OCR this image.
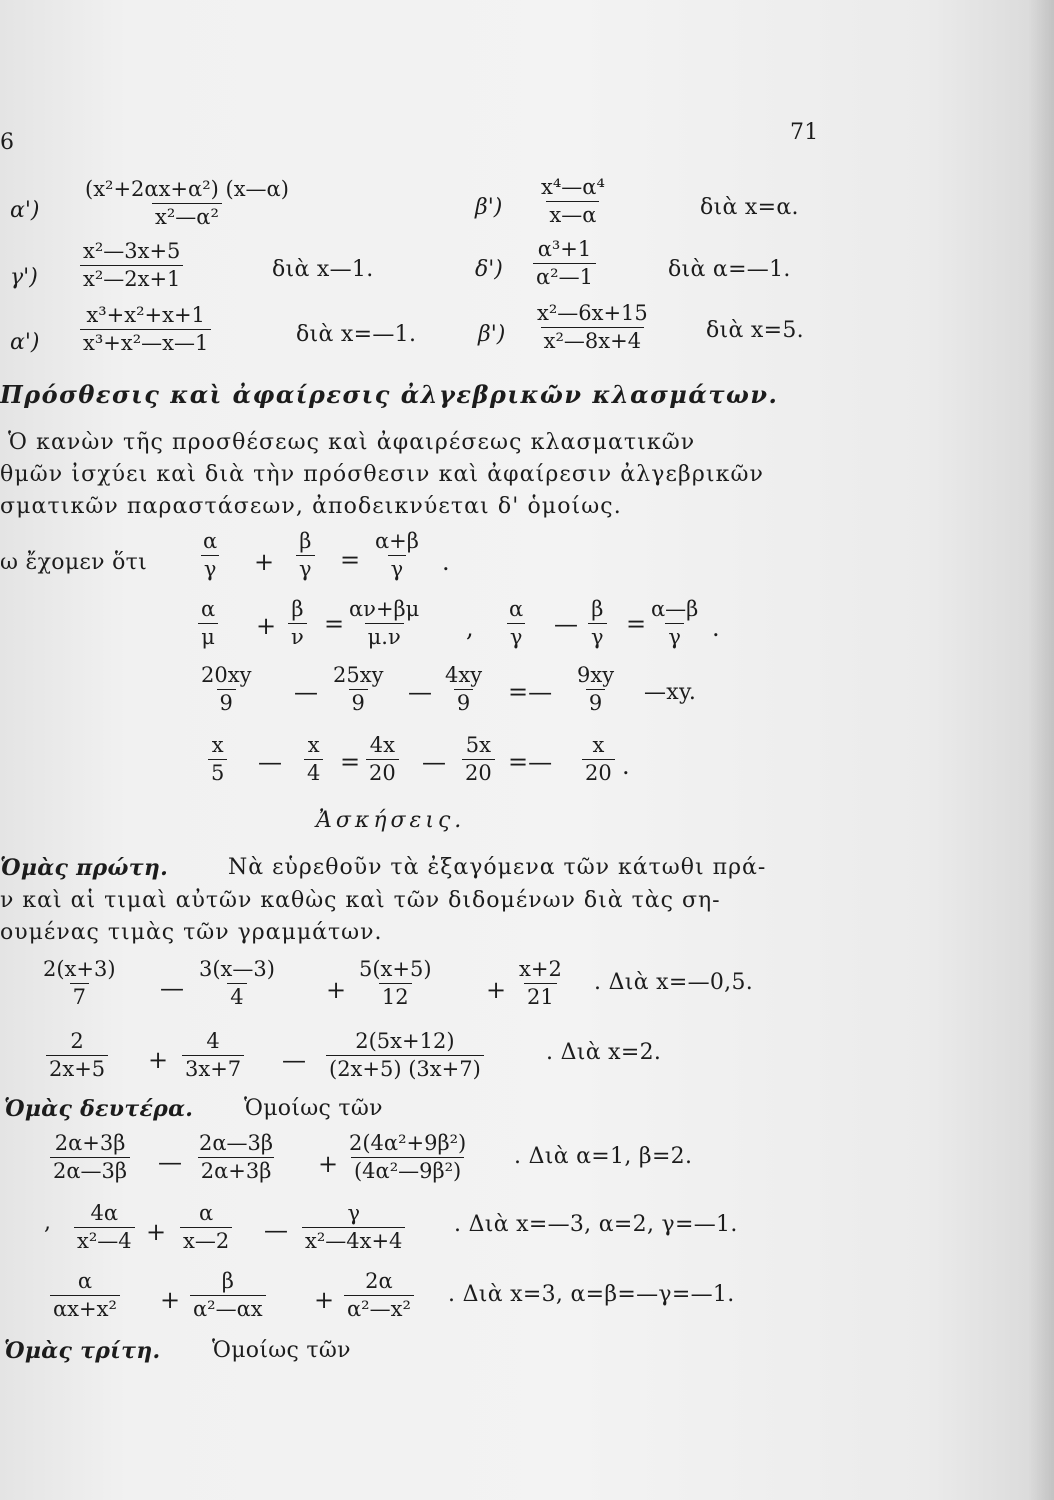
6	71
$\alpha') \frac{\text{(x²+2αx+α²) (x—α)}}{\text{x²—α²}}$	$\beta') \frac{\text{x⁴—α⁴}}{x—\alpha}$	διὰ x=α.
$\gamma') \frac{\text{x²—3x+5}}{\text{x²—2x+1}}$	διὰ x—1.	$\delta') \frac{\text{α³+1}}{\text{α²—1}}$	διὰ α=—1.
$\alpha') \frac{\text{x³+x²+x+1}}{\text{x³+x²—x—1}}$	διὰ x=—1.	$\beta') \frac{\text{x²—6x+15}}{\text{x²—8x+4}}$	διὰ x=5.
Πρόσθεσις καὶ ἀφαίρεσις ἀλγεβρικῶν κλασμάτων.
Ὁ κανὼν τῆς προσθέσεως καὶ ἀφαιρέσεως κλασματικῶν
θμῶν ἰσχύει καὶ διὰ τὴν πρόσθεσιν καὶ ἀφαίρεσιν ἀλγεβρικῶν
σματικῶν παραστάσεων, ἀποδεικνύεται δ' ὁμοίως.
ω ἔχομεν ὅτι	$\frac{\alpha}{\gamma} + \frac{\beta}{\gamma} = \frac{\alpha+\beta}{\gamma}$ .
$\frac{\alpha}{\mu} + \frac{\beta}{\nu} = \frac{\alpha\nu+\beta\mu}{\mu.\nu}$ , $\frac{\alpha}{\gamma}$ — $\frac{\beta}{\gamma} = \frac{\alpha—\beta}{\gamma}$ .
$\frac{20xy}{9}$ — $\frac{25xy}{9}$ — $\frac{4xy}{9}$ =— $\frac{9xy}{9}$ —xy.
$\frac{x}{5}$ — $\frac{x}{4} = \frac{4x}{20}$ — $\frac{5x}{20}$ =— $\frac{x}{20}$ .
Ἀσκήσεις.
Ὁμὰς πρώτη.	Νὰ εὑρεθοῦν τὰ ἐξαγόμενα τῶν κάτωθι πρά-
ν καὶ αἱ τιμαὶ αὐτῶν καθὼς καὶ τῶν διδομένων διὰ τὰς ση-
ουμένας τιμὰς τῶν γραμμάτων.
$\frac{2(x+3)}{7}$ — $\frac{3(x—3)}{4} + \frac{5(x+5)}{12} + \frac{x+2}{21}$ . Διὰ x=—0,5.
$\frac{2}{2x+5} + \frac{4}{3x+7}$ — $\frac{2(5x+12)}{(2x+5) (3x+7)}$	. Διὰ x=2.
Ὁμὰς δευτέρα. Ὁμοίως τῶν
$\frac{2\alpha+3\beta}{2\alpha—3\beta}$ — $\frac{2\alpha—3\beta}{2\alpha+3\beta} + \frac{\text{2(4α²+9β²)}}{\text{(4α²—9β²)}}$ . Διὰ α=1, β=2.
, $\frac{4\alpha}{\text{x²—4}} + \frac{\alpha}{x—2}$ — $\frac{\gamma}{\text{x²—4x+4}}$ . Διὰ x=—3, α=2, γ=—1.
$\frac{\alpha}{\text{αx+x²}} + \frac{\beta}{\text{α²—αx}} + \frac{2\alpha}{\text{α²—x²}}$ . Διὰ x=3, α=β=—γ=—1.
Ὁμὰς τρίτη. Ὁμοίως τῶν
